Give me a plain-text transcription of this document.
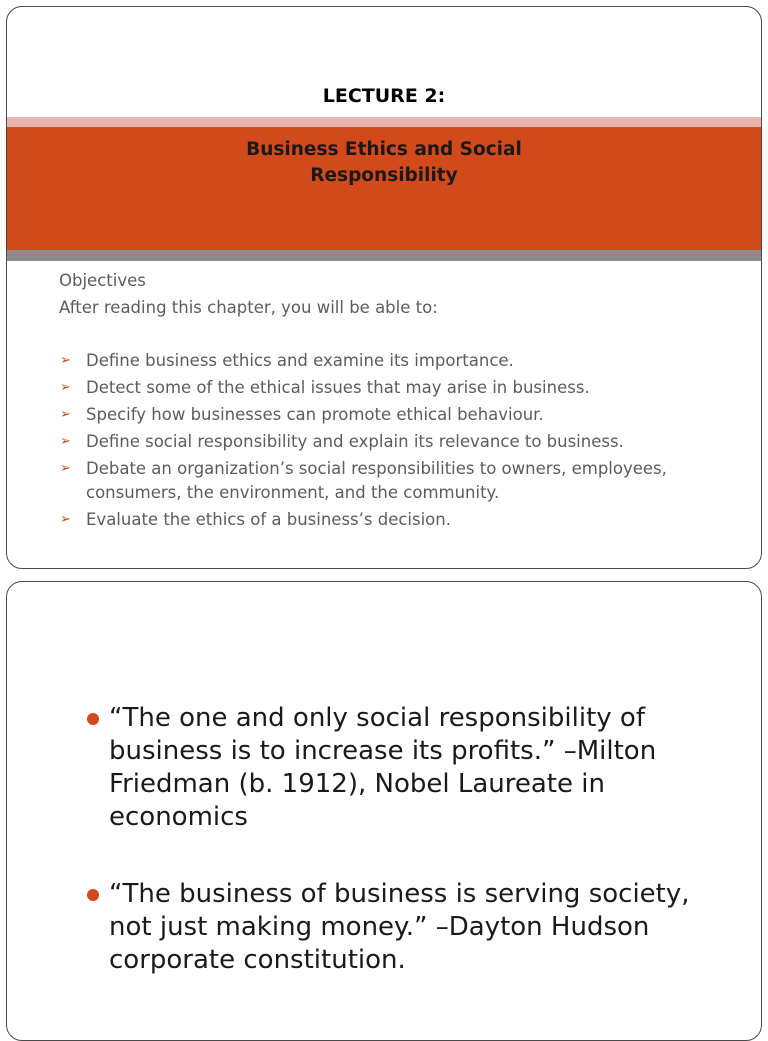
LECTURE 2:
Business Ethics and Social
Responsibility
Objectives
After reading this chapter, you will be able to:
➢ Define business ethics and examine its importance.
➢ Detect some of the ethical issues that may arise in business.
➢ Specify how businesses can promote ethical behaviour.
➢ Define social responsibility and explain its relevance to business.
➢ Debate an organization’s social responsibilities to owners, employees, consumers, the environment, and the community.
➢ Evaluate the ethics of a business’s decision.
“The one and only social responsibility of business is to increase its profits.” –Milton Friedman (b. 1912), Nobel Laureate in economics
“The business of business is serving society, not just making money.” –Dayton Hudson corporate constitution.
